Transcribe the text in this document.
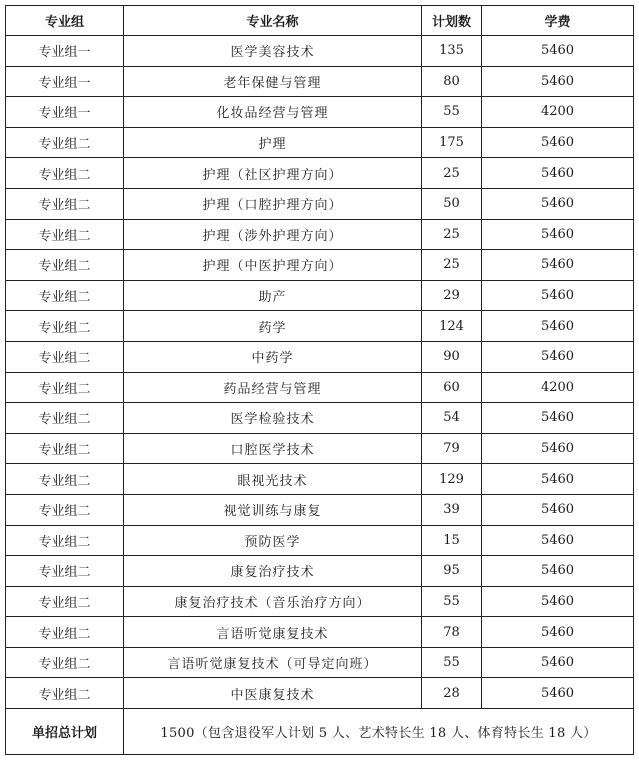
专业组	专业名称	计划数	学费
专业组一	医学美容技术	135	5460
专业组一	老年保健与管理	80	5460
专业组一	化妆品经营与管理	55	4200
专业组二	护理	175	5460
专业组二	护理（社区护理方向）	25	5460
专业组二	护理（口腔护理方向）	50	5460
专业组二	护理（涉外护理方向）	25	5460
专业组二	护理（中医护理方向）	25	5460
专业组二	助产	29	5460
专业组二	药学	124	5460
专业组二	中药学	90	5460
专业组二	药品经营与管理	60	4200
专业组二	医学检验技术	54	5460
专业组二	口腔医学技术	79	5460
专业组二	眼视光技术	129	5460
专业组二	视觉训练与康复	39	5460
专业组二	预防医学	15	5460
专业组二	康复治疗技术	95	5460
专业组二	康复治疗技术（音乐治疗方向）	55	5460
专业组二	言语听觉康复技术	78	5460
专业组二	言语听觉康复技术（可导定向班）	55	5460
专业组二	中医康复技术	28	5460
单招总计划	1500（包含退役军人计划 5 人、艺术特长生 18 人、体育特长生 18 人）		
